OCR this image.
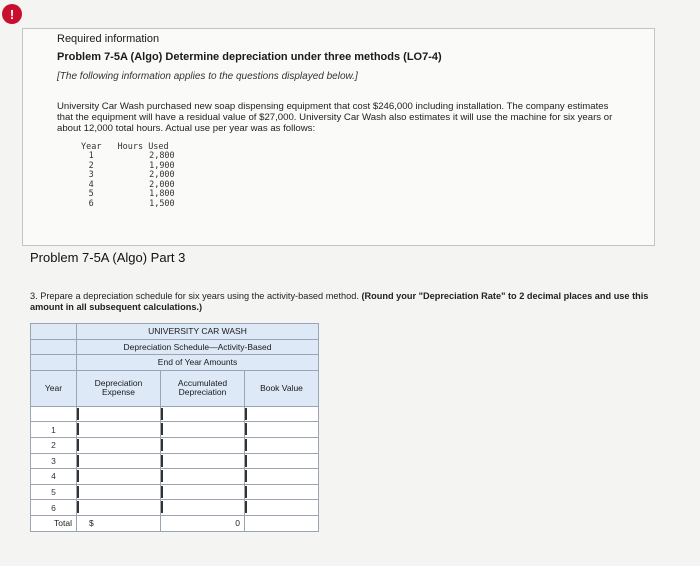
!
Required information
Problem 7-5A (Algo) Determine depreciation under three methods (LO7-4)
[The following information applies to the questions displayed below.]
University Car Wash purchased new soap dispensing equipment that cost $246,000 including installation. The company estimates that the equipment will have a residual value of $27,000. University Car Wash also estimates it will use the machine for six years or about 12,000 total hours. Actual use per year was as follows:
Year	Hours Used
1	2,800
2	1,900
3	2,000
4	2,000
5	1,800
6	1,500
Problem 7-5A (Algo) Part 3
3. Prepare a depreciation schedule for six years using the activity-based method. (Round your "Depreciation Rate" to 2 decimal places and use this amount in all subsequent calculations.)
	UNIVERSITY CAR WASH		
	Depreciation Schedule—Activity-Based		
	End of Year Amounts		
Year	Depreciation Expense	Accumulated Depreciation	Book Value

1			
2			
3			
4			
5			
6			
Total	$	0	
